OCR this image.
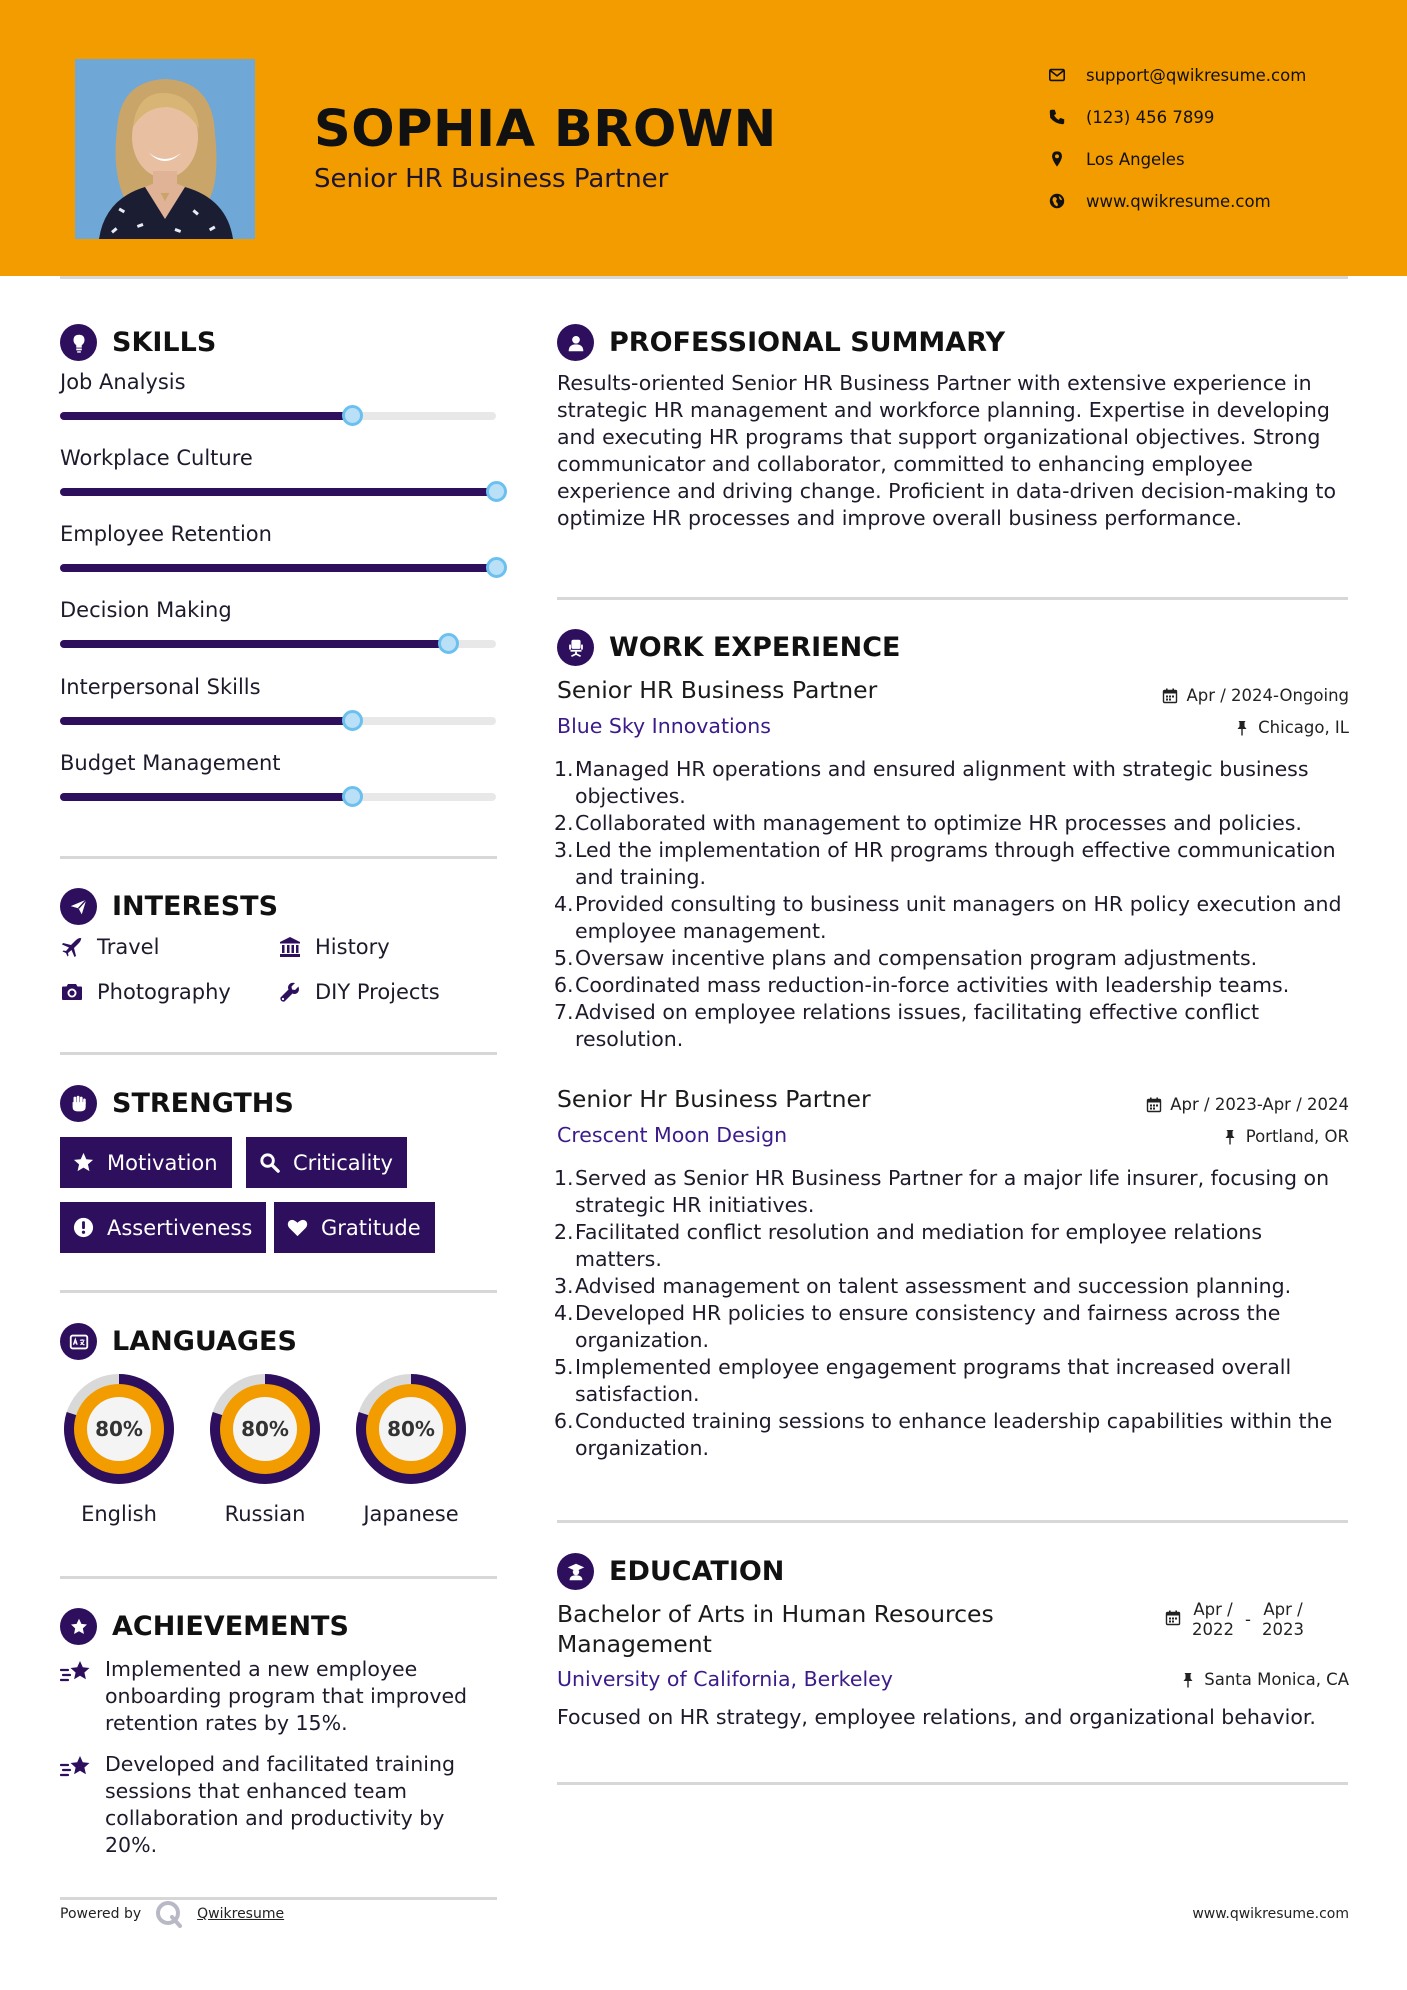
SOPHIA BROWN
Senior HR Business Partner
support@qwikresume.com
(123) 456 7899
Los Angeles
www.qwikresume.com
SKILLS
Job Analysis
Workplace Culture
Employee Retention
Decision Making
Interpersonal Skills
Budget Management
INTERESTS
Travel	History
Photography	DIY Projects
STRENGTHS
Motivation	Criticality
Assertiveness	Gratitude
LANGUAGES
80%
English
80%
Russian
80%
Japanese
ACHIEVEMENTS
Implemented a new employee onboarding program that improved retention rates by 15%.
Developed and facilitated training sessions that enhanced team collaboration and productivity by 20%.
PROFESSIONAL SUMMARY
Results-oriented Senior HR Business Partner with extensive experience in strategic HR management and workforce planning. Expertise in developing and executing HR programs that support organizational objectives. Strong communicator and collaborator, committed to enhancing employee experience and driving change. Proficient in data-driven decision-making to optimize HR processes and improve overall business performance.
WORK EXPERIENCE
Senior HR Business Partner	Apr / 2024-Ongoing
Blue Sky Innovations	Chicago, IL
Managed HR operations and ensured alignment with strategic business objectives.
Collaborated with management to optimize HR processes and policies.
Led the implementation of HR programs through effective communication and training.
Provided consulting to business unit managers on HR policy execution and employee management.
Oversaw incentive plans and compensation program adjustments.
Coordinated mass reduction-in-force activities with leadership teams.
Advised on employee relations issues, facilitating effective conflict resolution.
Senior Hr Business Partner	Apr / 2023-Apr / 2024
Crescent Moon Design	Portland, OR
Served as Senior HR Business Partner for a major life insurer, focusing on strategic HR initiatives.
Facilitated conflict resolution and mediation for employee relations matters.
Advised management on talent assessment and succession planning.
Developed HR policies to ensure consistency and fairness across the organization.
Implemented employee engagement programs that increased overall satisfaction.
Conducted training sessions to enhance leadership capabilities within the organization.
EDUCATION
Bachelor of Arts in Human Resources Management
Apr / 2022
-
Apr / 2023
University of California, Berkeley	Santa Monica, CA
Focused on HR strategy, employee relations, and organizational behavior.
Powered by	Qwikresume	www.qwikresume.com
